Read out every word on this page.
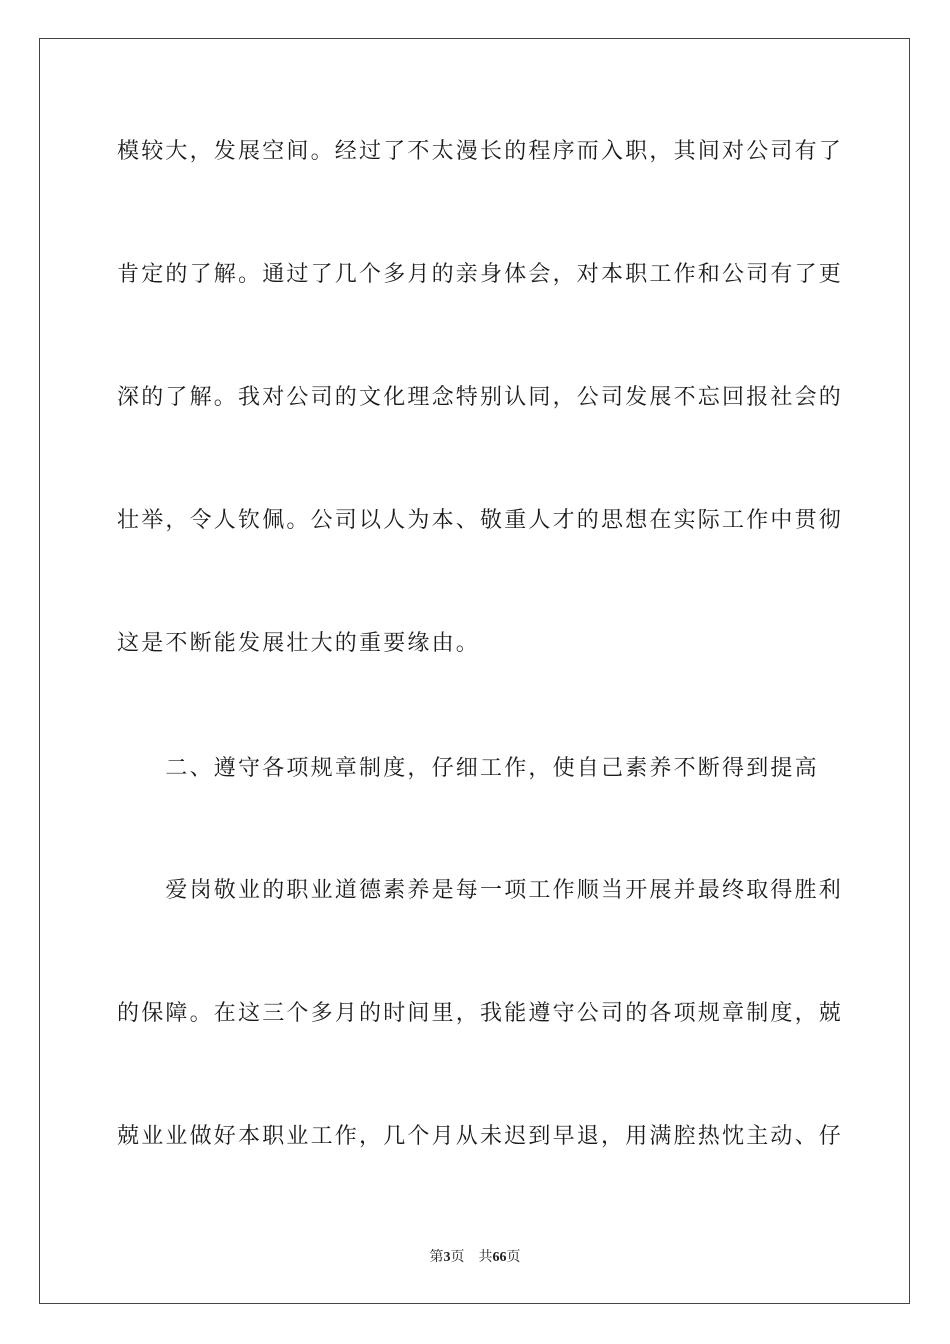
模较大，发展空间。经过了不太漫长的程序而入职，其间对公司有了
肯定的了解。通过了几个多月的亲身体会，对本职工作和公司有了更
深的了解。我对公司的文化理念特别认同，公司发展不忘回报社会的
壮举，令人钦佩。公司以人为本、敬重人才的思想在实际工作中贯彻
这是不断能发展壮大的重要缘由。
　　二、遵守各项规章制度，仔细工作，使自己素养不断得到提高
　　爱岗敬业的职业道德素养是每一项工作顺当开展并最终取得胜利
的保障。在这三个多月的时间里，我能遵守公司的各项规章制度，兢
兢业业做好本职业工作，几个月从未迟到早退，用满腔热忱主动、仔
第3页 共66页
